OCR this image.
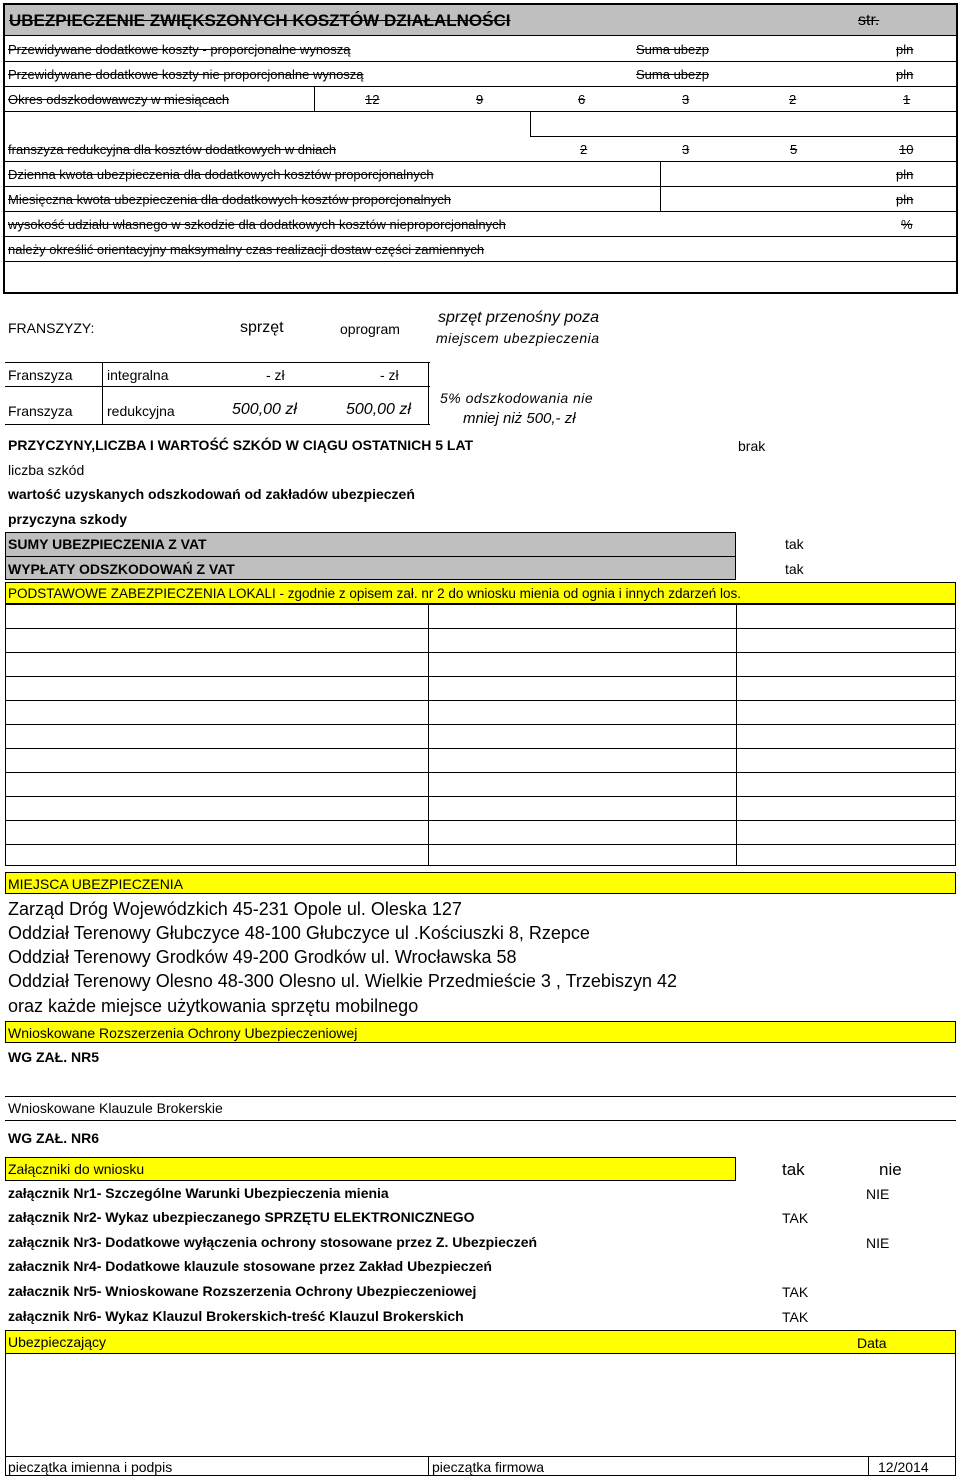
UBEZPIECZENIE ZWIĘKSZONYCH KOSZTÓW DZIAŁALNOŚCI	str.
Przewidywane dodatkowe koszty - proporcjonalne wynoszą	Suma ubezp	pln
Przewidywane dodatkowe koszty nie proporcjonalne wynoszą	Suma ubezp	pln
Okres odszkodowawczy w miesiącach	12	9	6	3	2	1
franszyza redukcyjna dla kosztów dodatkowych w dniach	2	3	5	10
Dzienna kwota ubezpieczenia dla dodatkowych kosztów proporcjonalnych	pln
Miesięczna kwota ubezpieczenia dla dodatkowych kosztów proporcjonalnych	pln
wysokość udziału własnego w szkodzie dla dodatkowych kosztów nieproporcjonalnych	%
należy określić orientacyjny maksymalny czas realizacji dostaw części zamiennych
FRANSZYZY:	sprzęt	oprogram
sprzęt przenośny poza
miejscem ubezpieczenia
Franszyza integralna	- zł	- zł
Franszyza redukcyjna	500,00 zł	500,00 zł
5% odszkodowania nie
mniej niż 500,- zł
PRZYCZYNY,LICZBA I WARTOŚĆ SZKÓD W CIĄGU OSTATNICH 5 LAT	brak
liczba szkód
wartość uzyskanych odszkodowań od zakładów ubezpieczeń
przyczyna szkody
SUMY UBEZPIECZENIA Z VAT	tak
WYPŁATY ODSZKODOWAŃ Z VAT	tak
PODSTAWOWE ZABEZPIECZENIA LOKALI - zgodnie z opisem zał. nr 2 do wniosku mienia od ognia i innych zdarzeń los.
MIEJSCA UBEZPIECZENIA
Zarząd Dróg Wojewódzkich 45-231 Opole ul. Oleska 127
Oddział Terenowy Głubczyce 48-100 Głubczyce ul .Kościuszki 8, Rzepce
Oddział Terenowy Grodków 49-200 Grodków ul. Wrocławska 58
Oddział Terenowy Olesno 48-300 Olesno ul. Wielkie Przedmieście 3 , Trzebiszyn 42
oraz każde miejsce użytkowania sprzętu mobilnego
Wnioskowane Rozszerzenia Ochrony Ubezpieczeniowej
WG ZAŁ. NR5
Wnioskowane Klauzule Brokerskie
WG ZAŁ. NR6
Załączniki do wniosku	tak	nie
załącznik Nr1- Szczególne Warunki Ubezpieczenia mienia	NIE
załącznik Nr2- Wykaz ubezpieczanego SPRZĘTU ELEKTRONICZNEGO	TAK
załącznik Nr3- Dodatkowe wyłączenia ochrony stosowane przez Z. Ubezpieczeń	NIE
załacznik Nr4- Dodatkowe klauzule stosowane przez Zakład Ubezpieczeń
załacznik Nr5- Wnioskowane Rozszerzenia Ochrony Ubezpieczeniowej	TAK
załącznik Nr6- Wykaz Klauzul Brokerskich-treść Klauzul Brokerskich	TAK
Ubezpieczający	Data
pieczątka imienna i podpis	pieczątka firmowa	12/2014
